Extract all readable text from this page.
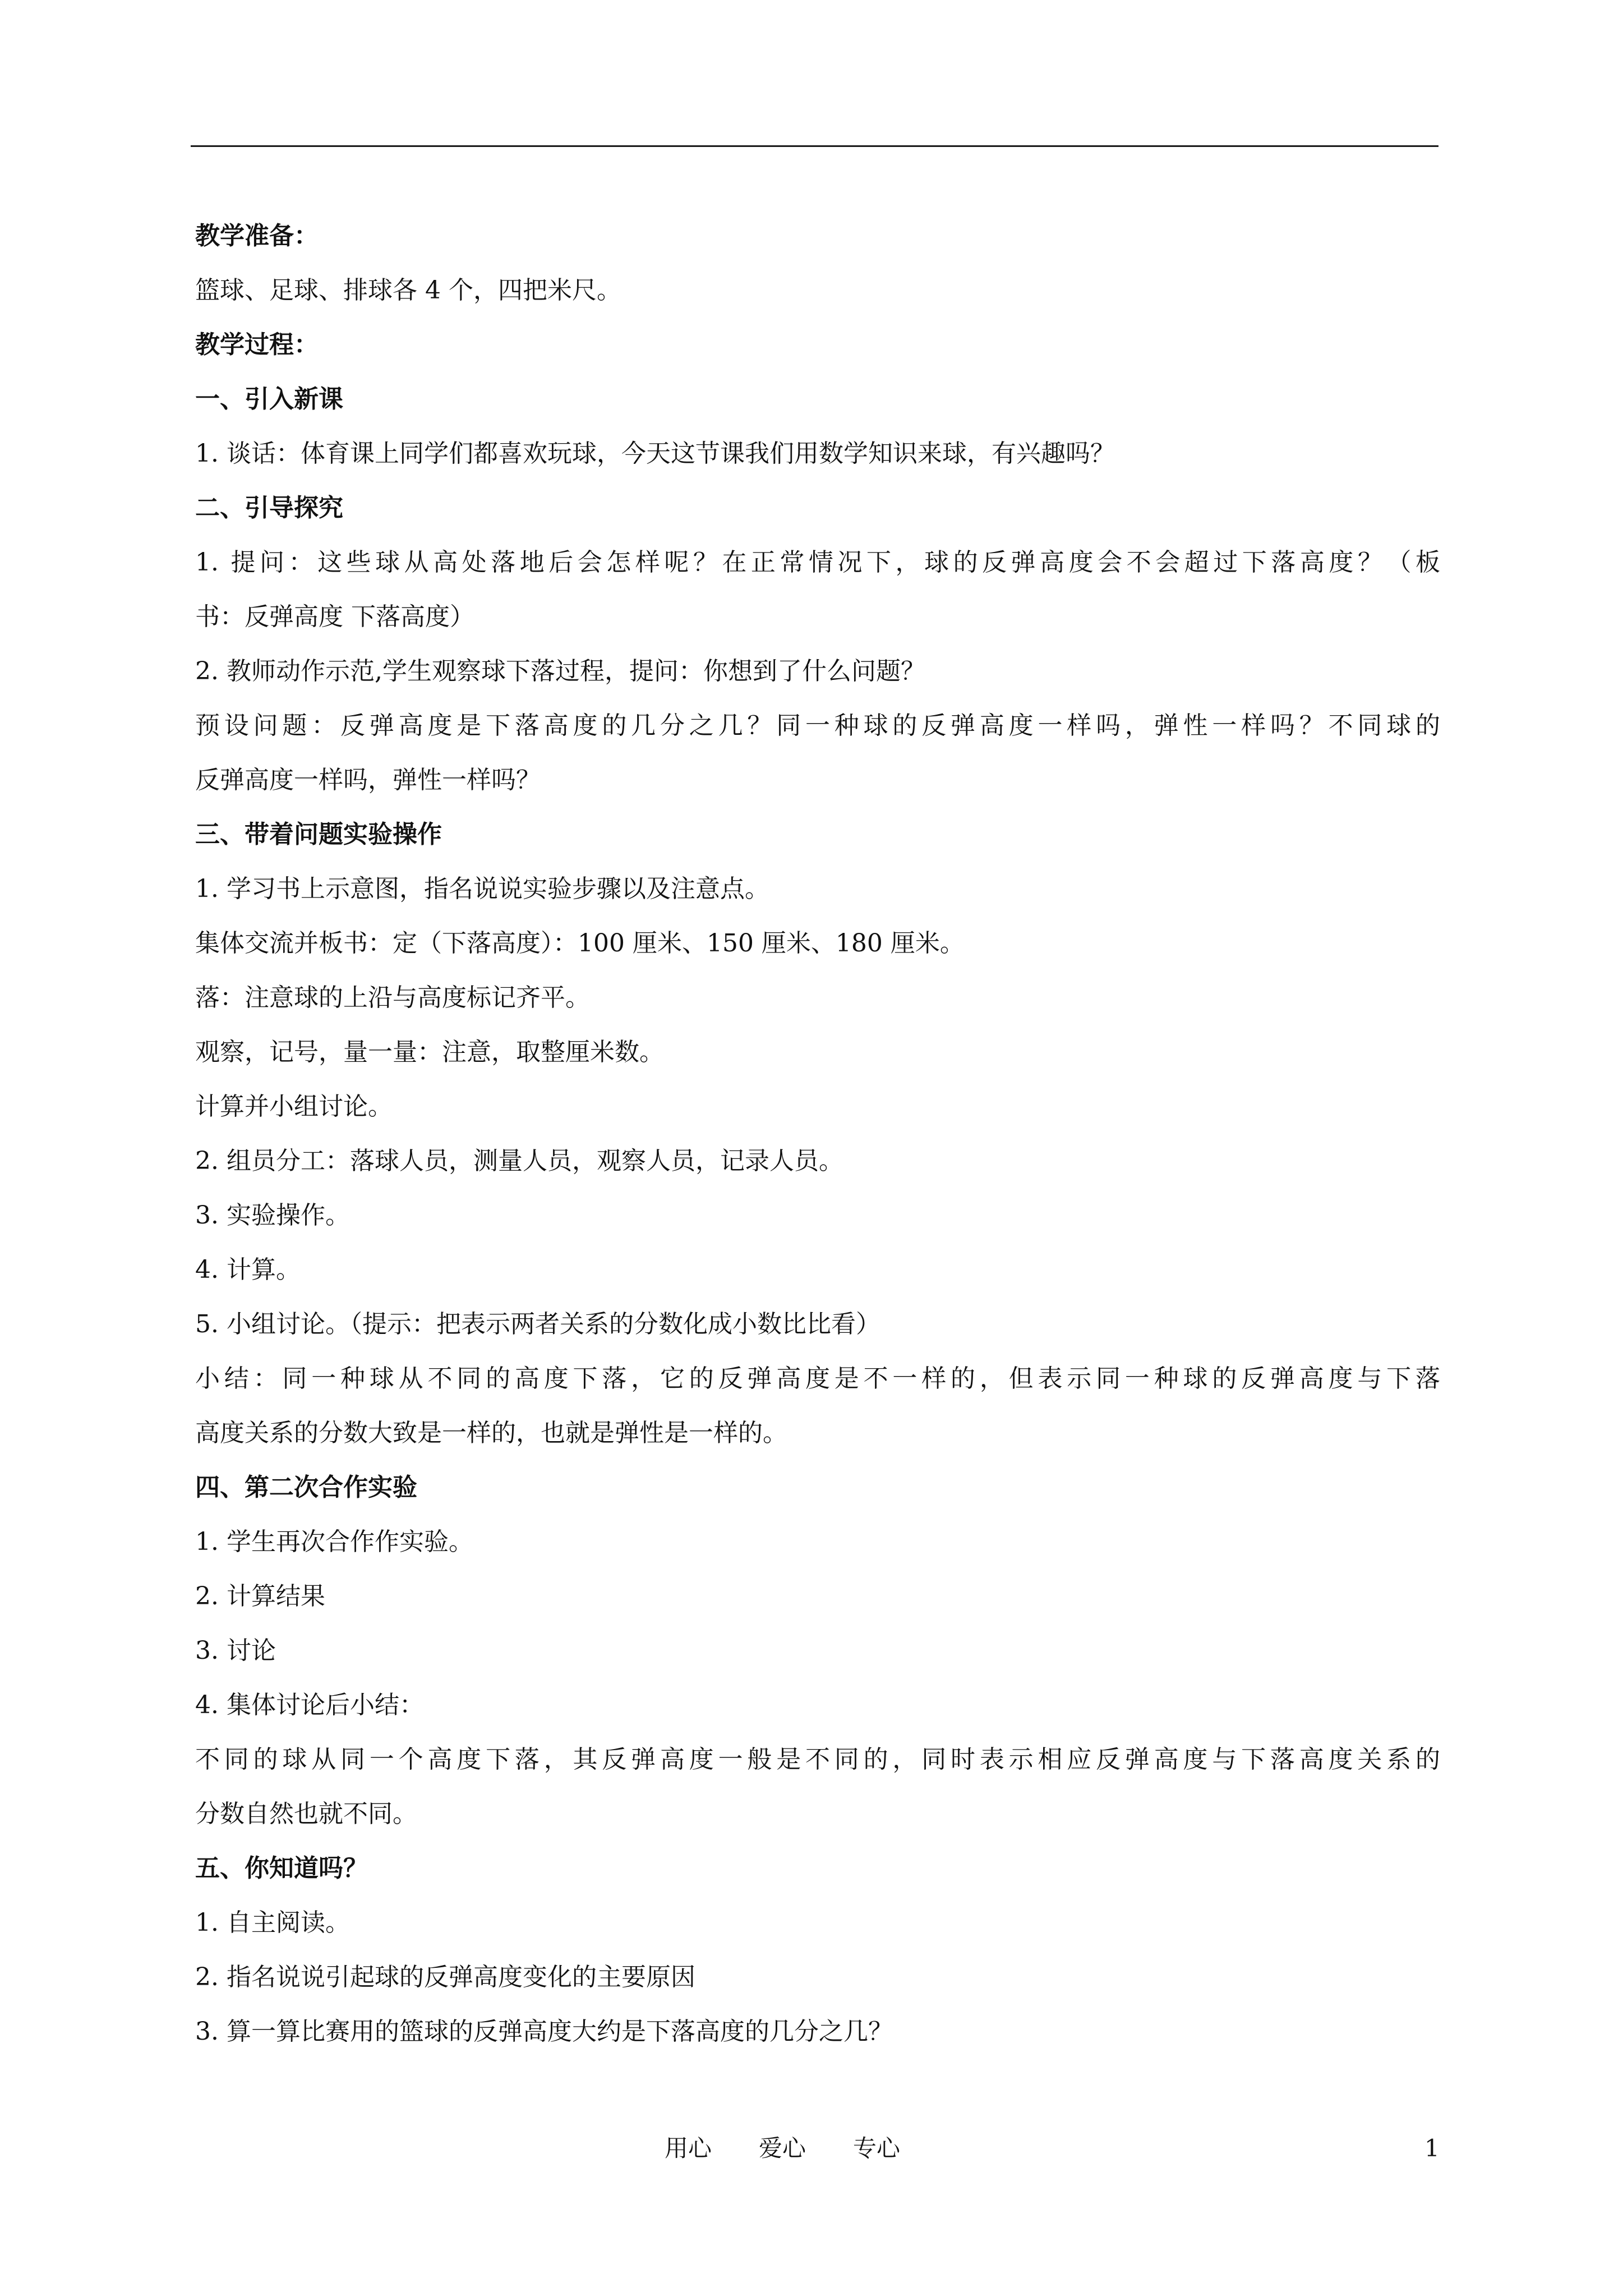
教学准备：
篮球、足球、排球各 4 个，四把米尺。
教学过程：
一、引入新课
1. 谈话：体育课上同学们都喜欢玩球，今天这节课我们用数学知识来球，有兴趣吗？
二、引导探究
1. 提问：这些球从高处落地后会怎样呢？在正常情况下，球的反弹高度会不会超过下落高度？（板
书：反弹高度 下落高度）
2. 教师动作示范,学生观察球下落过程，提问：你想到了什么问题？
预设问题：反弹高度是下落高度的几分之几？同一种球的反弹高度一样吗，弹性一样吗？不同球的
反弹高度一样吗，弹性一样吗？
三、带着问题实验操作
1. 学习书上示意图，指名说说实验步骤以及注意点。
集体交流并板书：定（下落高度）：100 厘米、150 厘米、180 厘米。
落：注意球的上沿与高度标记齐平。
观察，记号，量一量：注意，取整厘米数。
计算并小组讨论。
2. 组员分工：落球人员，测量人员，观察人员，记录人员。
3. 实验操作。
4. 计算。
5. 小组讨论。（提示：把表示两者关系的分数化成小数比比看）
小结：同一种球从不同的高度下落，它的反弹高度是不一样的，但表示同一种球的反弹高度与下落
高度关系的分数大致是一样的，也就是弹性是一样的。
四、第二次合作实验
1. 学生再次合作作实验。
2. 计算结果
3. 讨论
4. 集体讨论后小结：
不同的球从同一个高度下落，其反弹高度一般是不同的，同时表示相应反弹高度与下落高度关系的
分数自然也就不同。
五、你知道吗？
1. 自主阅读。
2. 指名说说引起球的反弹高度变化的主要原因
3. 算一算比赛用的篮球的反弹高度大约是下落高度的几分之几？
用心　　爱心　　专心	1
